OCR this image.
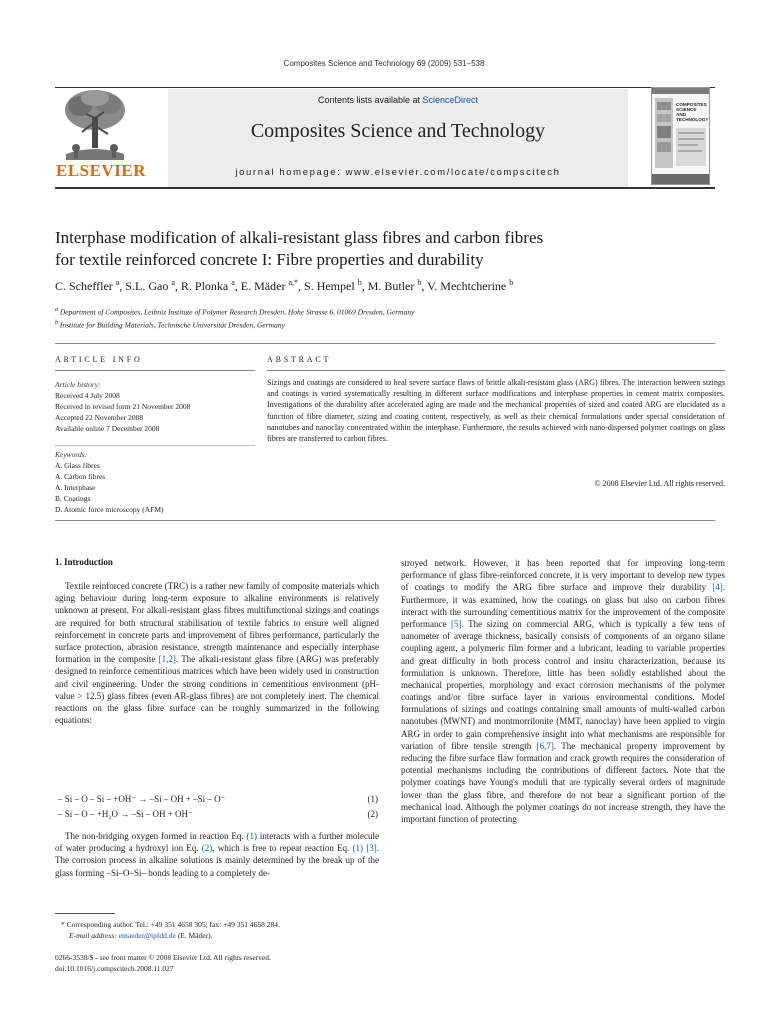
Composites Science and Technology 69 (2009) 531–538
Contents lists available at ScienceDirect
Composites Science and Technology
journal homepage: www.elsevier.com/locate/compscitech
ELSEVIER
COMPOSITES SCIENCE AND TECHNOLOGY
Interphase modification of alkali-resistant glass fibres and carbon fibres
for textile reinforced concrete I: Fibre properties and durability
C. Scheffler $^a$, S.L. Gao $^a$, R. Plonka $^a$, E. Mäder $^{a,*}$, S. Hempel $^b$, M. Butler $^b$, V. Mechtcherine $^b$
$^a$ Department of Composites, Leibniz Institute of Polymer Research Dresden, Hohe Strasse 6, 01069 Dresden, Germany
$^b$ Institute for Building Materials, Technische Universität Dresden, Germany
ARTICLE INFO	ABSTRACT
Article history:
Received 4 July 2008
Received in revised form 21 November 2008
Accepted 22 November 2008
Available online 7 December 2008
Keywords:
A. Glass fibres
A. Carbon fibres
A. Interphase
B. Coatings
D. Atomic force microscopy (AFM)
Sizings and coatings are considered to heal severe surface flaws of brittle alkali-resistant glass (ARG) fibres. The interaction between sizings and coatings is varied systematically resulting in different surface modifications and interphase properties in cement matrix composites. Investigations of the durability after accelerated aging are made and the mechanical properties of sized and coated ARG are elucidated as a function of fibre diameter, sizing and coating content, respectively, as well as their chemical formulations under special consideration of nanotubes and nanoclay concentrated within the interphase. Furthermore, the results achieved with nano-dispersed polymer coatings on glass fibres are transferred to carbon fibres.
© 2008 Elsevier Ltd. All rights reserved.
1. Introduction

Textile reinforced concrete (TRC) is a rather new family of composite materials which aging behaviour during long-term exposure to alkaline environments is relatively unknown at present. For alkali-resistant glass fibres multifunctional sizings and coatings are required for both structural stabilisation of textile fabrics to ensure well aligned reinforcement in concrete parts and improvement of fibres performance, particularly the surface protection, abrasion resistance, strength maintenance and especially interphase formation in the composite [1,2]. The alkali-resistant glass fibre (ARG) was preferably designed to reinforce cementitious matrices which have been widely used in construction and civil engineering. Under the strong conditions in cementitious environment (pH-value > 12.5) glass fibres (even AR-glass fibres) are not completely inert. The chemical reactions on the glass fibre surface can be roughly summarized in the following equations:

– Si – O – Si – +OH⁻ → –Si – OH + –Si – O⁻	(1)
– Si – O – +H₂O → –Si – OH + OH⁻	(2)

The non-bridging oxygen formed in reaction Eq. (1) interacts with a further molecule of water producing a hydroxyl ion Eq. (2), which is free to repeat reaction Eq. (1) [3]. The corrosion process in alkaline solutions is mainly determined by the break up of the glass forming –Si–O–Si– bonds leading to a completely de-

stroyed network. However, it has been reported that for improving long-term performance of glass fibre-reinforced concrete, it is very important to develop new types of coatings to modify the ARG fibre surface and improve their durability [4]. Furthermore, it was examined, how the coatings on glass but also on carbon fibres interact with the surrounding cementitious matrix for the improvement of the composite performance [5]. The sizing on commercial ARG, which is typically a few tens of nanometer of average thickness, basically consists of components of an organo silane coupling agent, a polymeric film former and a lubricant, leading to variable properties and great difficulty in both process control and insitu characterization, because its formulation is unknown. Therefore, little has been solidly established about the mechanical properties, morphology and exact corrosion mechanisms of the polymer coatings and/or fibre surface layer in various environmental conditions. Model formulations of sizings and coatings containing small amounts of multi-walled carbon nanotubes (MWNT) and montmorrilonite (MMT, nanoclay) have been applied to virgin ARG in order to gain comprehensive insight into what mechanisms are responsible for variation of fibre tensile strength [6,7]. The mechanical property improvement by reducing the fibre surface flaw formation and crack growth requires the consideration of potential mechanisms including the contributions of different factors. Note that the polymer coatings have Young's moduli that are typically several orders of magnitude lower than the glass fibre, and therefore do not bear a significant portion of the mechanical load. Although the polymer coatings do not increase strength, they have the important function of protecting

* Corresponding author. Tel.: +49 351 4658 305; fax: +49 351 4658 284.
E-mail address: emaeder@ipfdd.de (E. Mäder).
0266-3538/$ - see front matter © 2008 Elsevier Ltd. All rights reserved.
doi:10.1016/j.compscitech.2008.11.027
